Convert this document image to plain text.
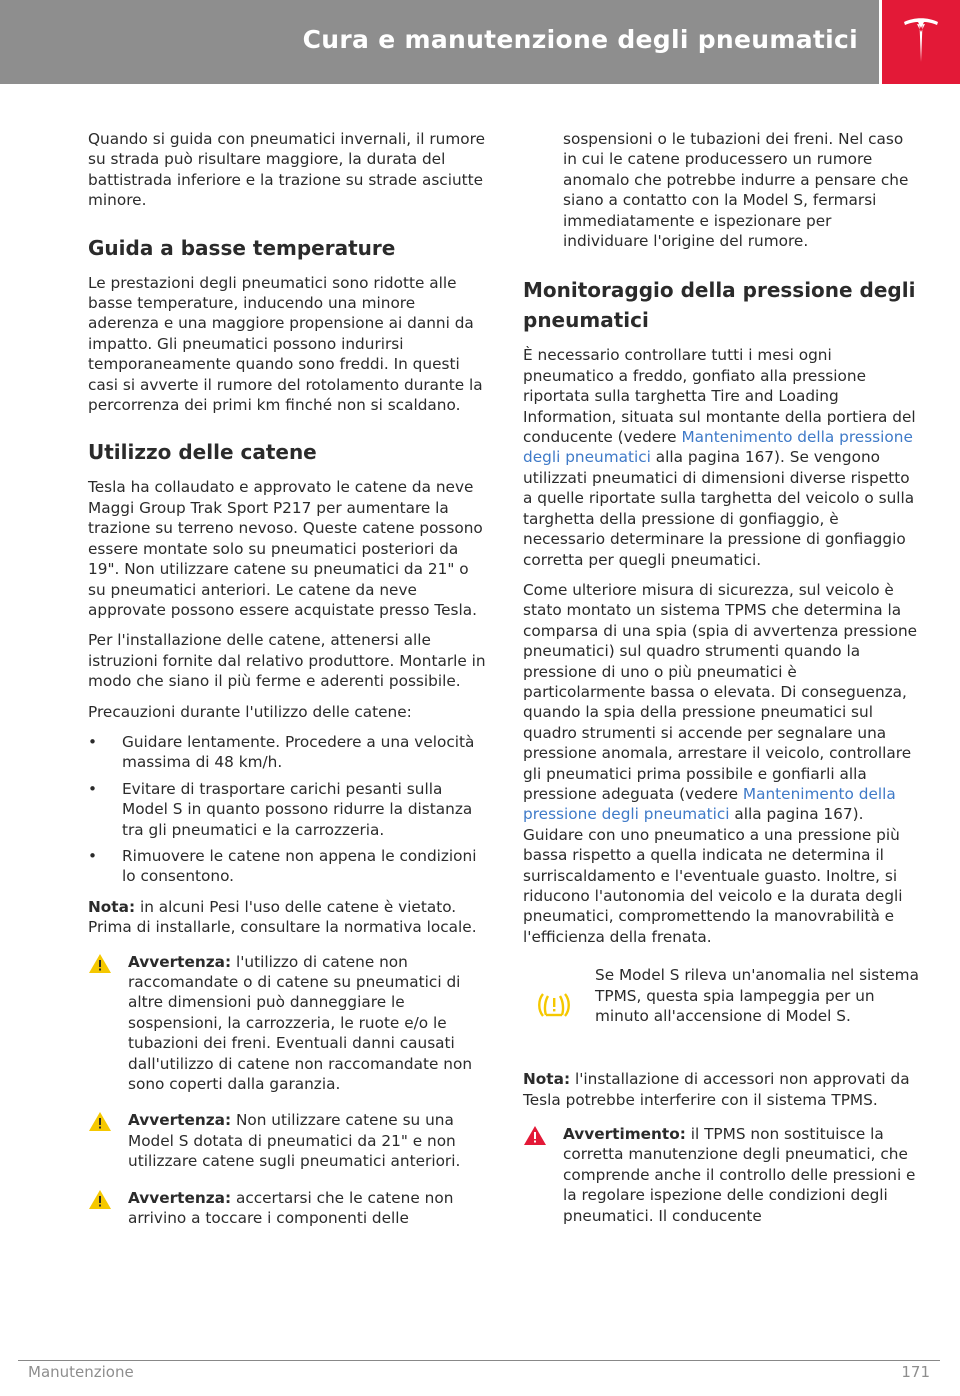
Cura e manutenzione degli pneumatici

Quando si guida con pneumatici invernali, il rumore su strada può risultare maggiore, la durata del battistrada inferiore e la trazione su strade asciutte minore.

Guida a basse temperature

Le prestazioni degli pneumatici sono ridotte alle basse temperature, inducendo una minore aderenza e una maggiore propensione ai danni da impatto. Gli pneumatici possono indurirsi temporaneamente quando sono freddi. In questi casi si avverte il rumore del rotolamento durante la percorrenza dei primi km finché non si scaldano.

Utilizzo delle catene

Tesla ha collaudato e approvato le catene da neve Maggi Group Trak Sport P217 per aumentare la trazione su terreno nevoso. Queste catene possono essere montate solo su pneumatici posteriori da 19". Non utilizzare catene su pneumatici da 21" o su pneumatici anteriori. Le catene da neve approvate possono essere acquistate presso Tesla.

Per l'installazione delle catene, attenersi alle istruzioni fornite dal relativo produttore. Montarle in modo che siano il più ferme e aderenti possibile.

Precauzioni durante l'utilizzo delle catene:

• Guidare lentamente. Procedere a una velocità massima di 48 km/h.
• Evitare di trasportare carichi pesanti sulla Model S in quanto possono ridurre la distanza tra gli pneumatici e la carrozzeria.
• Rimuovere le catene non appena le condizioni lo consentono.

Nota: in alcuni Pesi l'uso delle catene è vietato. Prima di installarle, consultare la normativa locale.

Avvertenza: l'utilizzo di catene non raccomandate o di catene su pneumatici di altre dimensioni può danneggiare le sospensioni, la carrozzeria, le ruote e/o le tubazioni dei freni. Eventuali danni causati dall'utilizzo di catene non raccomandate non sono coperti dalla garanzia.
Avvertenza: Non utilizzare catene su una Model S dotata di pneumatici da 21" e non utilizzare catene sugli pneumatici anteriori.
Avvertenza: accertarsi che le catene non arrivino a toccare i componenti delle

sospensioni o le tubazioni dei freni. Nel caso in cui le catene producessero un rumore anomalo che potrebbe indurre a pensare che siano a contatto con la Model S, fermarsi immediatamente e ispezionare per individuare l'origine del rumore.

Monitoraggio della pressione degli pneumatici

È necessario controllare tutti i mesi ogni pneumatico a freddo, gonfiato alla pressione riportata sulla targhetta Tire and Loading Information, situata sul montante della portiera del conducente (vedere Mantenimento della pressione degli pneumatici alla pagina 167). Se vengono utilizzati pneumatici di dimensioni diverse rispetto a quelle riportate sulla targhetta del veicolo o sulla targhetta della pressione di gonfiaggio, è necessario determinare la pressione di gonfiaggio corretta per quegli pneumatici.

Come ulteriore misura di sicurezza, sul veicolo è stato montato un sistema TPMS che determina la comparsa di una spia (spia di avvertenza pressione pneumatici) sul quadro strumenti quando la pressione di uno o più pneumatici è particolarmente bassa o elevata. Di conseguenza, quando la spia della pressione pneumatici sul quadro strumenti si accende per segnalare una pressione anomala, arrestare il veicolo, controllare gli pneumatici prima possibile e gonfiarli alla pressione adeguata (vedere Mantenimento della pressione degli pneumatici alla pagina 167). Guidare con uno pneumatico a una pressione più bassa rispetto a quella indicata ne determina il surriscaldamento e l'eventuale guasto. Inoltre, si riducono l'autonomia del veicolo e la durata degli pneumatici, compromettendo la manovrabilità e l'efficienza della frenata.

Se Model S rileva un'anomalia nel sistema TPMS, questa spia lampeggia per un minuto all'accensione di Model S.

Nota: l'installazione di accessori non approvati da Tesla potrebbe interferire con il sistema TPMS.

Avvertimento: il TPMS non sostituisce la corretta manutenzione degli pneumatici, che comprende anche il controllo delle pressioni e la regolare ispezione delle condizioni degli pneumatici. Il conducente
Manutenzione	171
